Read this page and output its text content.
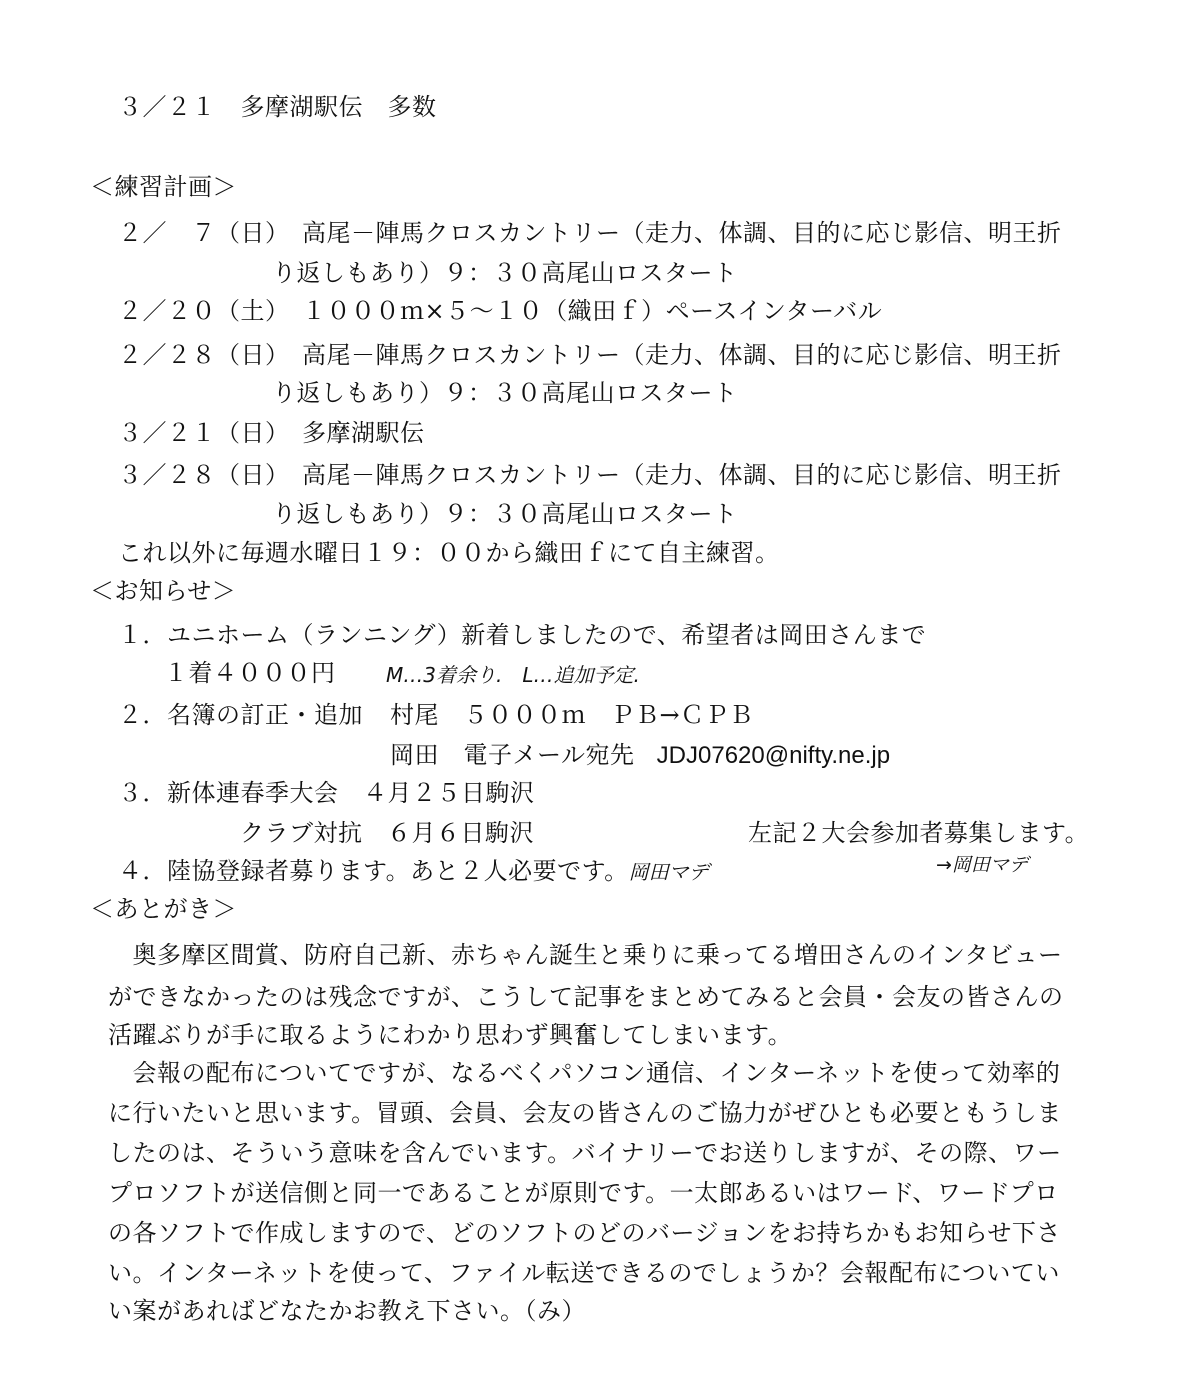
３／２１　多摩湖駅伝　多数
＜練習計画＞
２／　７（日）　高尾－陣馬クロスカントリー（走力、体調、目的に応じ影信、明王折
り返しもあり）９：３０高尾山ロスタート
２／２０（土）　１０００ｍ×５～１０（織田ｆ）ペースインターバル
２／２８（日）　高尾－陣馬クロスカントリー（走力、体調、目的に応じ影信、明王折
り返しもあり）９：３０高尾山ロスタート
３／２１（日）　多摩湖駅伝
３／２８（日）　高尾－陣馬クロスカントリー（走力、体調、目的に応じ影信、明王折
り返しもあり）９：３０高尾山ロスタート
これ以外に毎週水曜日１９：００から織田ｆにて自主練習。
＜お知らせ＞
１．ユニホーム（ランニング）新着しましたので、希望者は岡田さんまで
１着４０００円	M…3着余り.　L…追加予定.
２．名簿の訂正・追加 村尾　５０００ｍ　ＰＢ→ＣＰＢ
岡田　電子メール宛先 JDJ07620@nifty.ne.jp
３．新体連春季大会　４月２５日駒沢
クラブ対抗　６月６日駒沢	左記２大会参加者募集します。
→岡田マデ
４．陸協登録者募ります。あと２人必要です。岡田マデ
＜あとがき＞
　奥多摩区間賞、防府自己新、赤ちゃん誕生と乗りに乗ってる増田さんのインタビュー
ができなかったのは残念ですが、こうして記事をまとめてみると会員・会友の皆さんの
活躍ぶりが手に取るようにわかり思わず興奮してしまいます。
　会報の配布についてですが、なるべくパソコン通信、インターネットを使って効率的
に行いたいと思います。冒頭、会員、会友の皆さんのご協力がぜひとも必要ともうしま
したのは、そういう意味を含んでいます。バイナリーでお送りしますが、その際、ワー
プロソフトが送信側と同一であることが原則です。一太郎あるいはワード、ワードプロ
の各ソフトで作成しますので、どのソフトのどのバージョンをお持ちかもお知らせ下さ
い。インターネットを使って、ファイル転送できるのでしょうか？会報配布についてい
い案があればどなたかお教え下さい。（み）
